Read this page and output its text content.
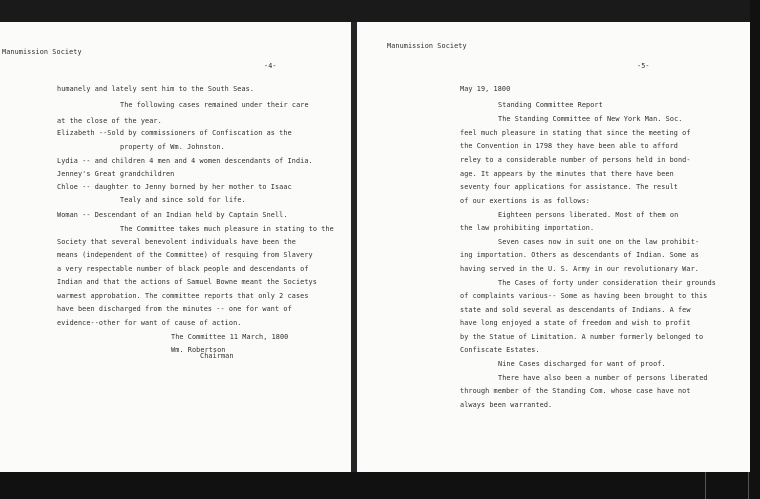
Manumission Society
-4-
humanely and lately sent him to the South Seas.
The following cases remained under their care
at the close of the year.
Elizabeth --Sold by commissioners of Confiscation as the
property of Wm. Johnston.
Lydia -- and children 4 men and 4 women descendants of India.
Jenney's Great grandchildren
Chloe -- daughter to Jenny borned by her mother to Isaac
Tealy and since sold for life.
Woman -- Descendant of an Indian held by Captain Snell.
The Committee takes much pleasure in stating to the
Society that several benevolent individuals have been the
means (independent of the Committee) of resquing from Slavery
a very respectable number of black people and descendants of
Indian and that the actions of Samuel Bowne meant the Societys
warmest approbation. The committee reports that only 2 cases
have been discharged from the minutes -- one for want of
evidence--other for want of cause of action.
The Committee 11 March, 1800
Wm. Robertson
Chairman
Manumission Society
-5-
May 19, 1800
Standing Committee Report
The Standing Committee of New York Man. Soc.
feel much pleasure in stating that since the meeting of
the Convention in 1798 they have been able to afford
reley to a considerable number of persons held in bond-
age. It appears by the minutes that there have been
seventy four applications for assistance. The result
of our exertions is as follows:
Eighteen persons liberated. Most of them on
the law prohibiting importation.
Seven cases now in suit one on the law prohibit-
ing importation. Others as descendants of Indian. Some as
having served in the U. S. Army in our revolutionary War.
The Cases of forty under consideration their grounds
of complaints various-- Some as having been brought to this
state and sold several as descendants of Indians. A few
have long enjoyed a state of freedom and wish to profit
by the Statue of Limitation. A number formerly belonged to
Confiscate Estates.
Nine Cases discharged for want of proof.
There have also been a number of persons liberated
through member of the Standing Com. whose case have not
always been warranted.
